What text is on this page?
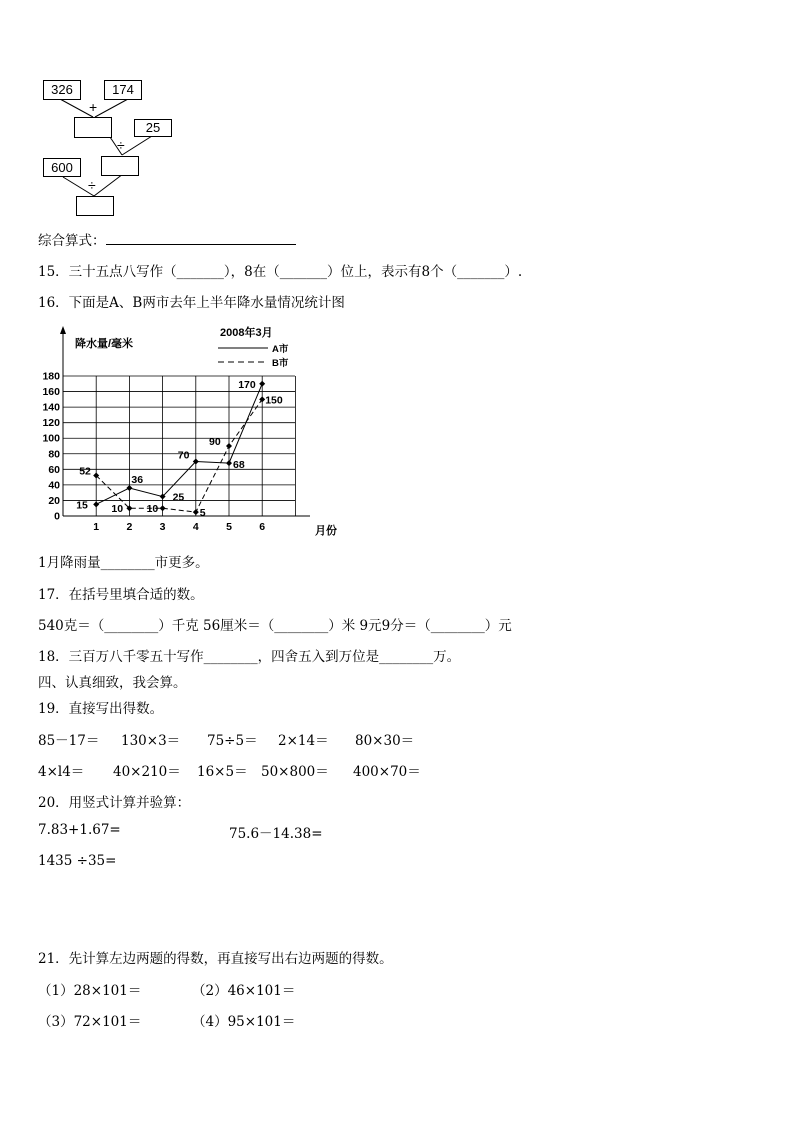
326	174
+
25
÷
600
÷
综合算式：
15．三十五点八写作（_______），8在（_______）位上，表示有8个（_______）.
16．下面是A、B两市去年上半年降水量情况统计图
0
20
40
60
80
100
120
140
160
180
1	2	3	4	5	6
降水量/毫米
月份
2008年3月
A市
B市
15
36
25
70
68
170
52
10 10	5
90
150
1月降雨量________市更多。
17．在括号里填合适的数。
540克＝（________）千克 56厘米＝（________）米 9元9分＝（________）元
18．三百万八千零五十写作________，四舍五入到万位是________万。
四、认真细致，我会算。
19．直接写出得数。
85－17＝ 130×3＝ 75÷5＝ 2×14＝ 80×30＝
4×l4＝ 40×210＝ 16×5＝ 50×800＝ 400×70＝
20．用竖式计算并验算：
7.83+1.67=	75.6－14.38=
1435 ÷35=
21．先计算左边两题的得数，再直接写出右边两题的得数。
（1）28×101＝	（2）46×101＝
（3）72×101＝	（4）95×101＝
